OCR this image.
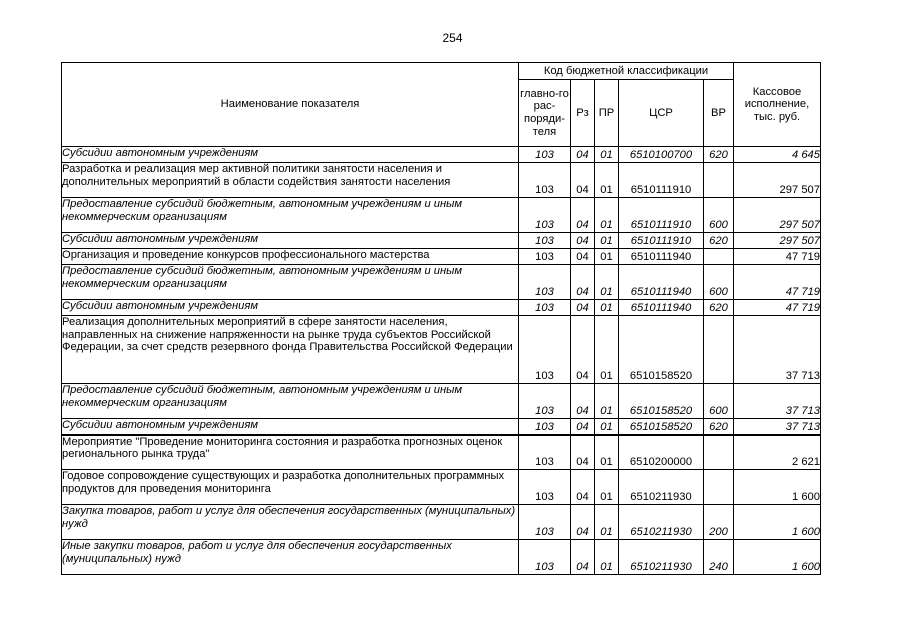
254
Наименование показателя	Код бюджетной классификации					Кассовое исполнение, тыс. руб.
	главно-го рас-поряди-теля	Рз	ПР	ЦСР	ВР	
Субсидии автономным учреждениям	103	04	01	6510100700	620	4 645
Разработка и реализация мер активной политики занятости населения и дополнительных мероприятий в области содействия занятости населения	103	04	01	6510111910		297 507
Предоставление субсидий бюджетным, автономным учреждениям и иным некоммерческим организациям	103	04	01	6510111910	600	297 507
Субсидии автономным учреждениям	103	04	01	6510111910	620	297 507
Организация и проведение конкурсов профессионального мастерства	103	04	01	6510111940		47 719
Предоставление субсидий бюджетным, автономным учреждениям и иным некоммерческим организациям	103	04	01	6510111940	600	47 719
Субсидии автономным учреждениям	103	04	01	6510111940	620	47 719
Реализация дополнительных мероприятий в сфере занятости населения, направленных на снижение напряженности на рынке труда субъектов Российской Федерации, за счет средств резервного фонда Правительства Российской Федерации	103	04	01	6510158520		37 713
Предоставление субсидий бюджетным, автономным учреждениям и иным некоммерческим организациям	103	04	01	6510158520	600	37 713
Субсидии автономным учреждениям	103	04	01	6510158520	620	37 713
Мероприятие "Проведение мониторинга состояния и разработка прогнозных оценок регионального рынка труда"	103	04	01	6510200000		2 621
Годовое сопровождение существующих и разработка дополнительных программных продуктов для проведения мониторинга	103	04	01	6510211930		1 600
Закупка товаров, работ и услуг для обеспечения государственных (муниципальных) нужд	103	04	01	6510211930	200	1 600
Иные закупки товаров, работ и услуг для обеспечения государственных (муниципальных) нужд	103	04	01	6510211930	240	1 600
